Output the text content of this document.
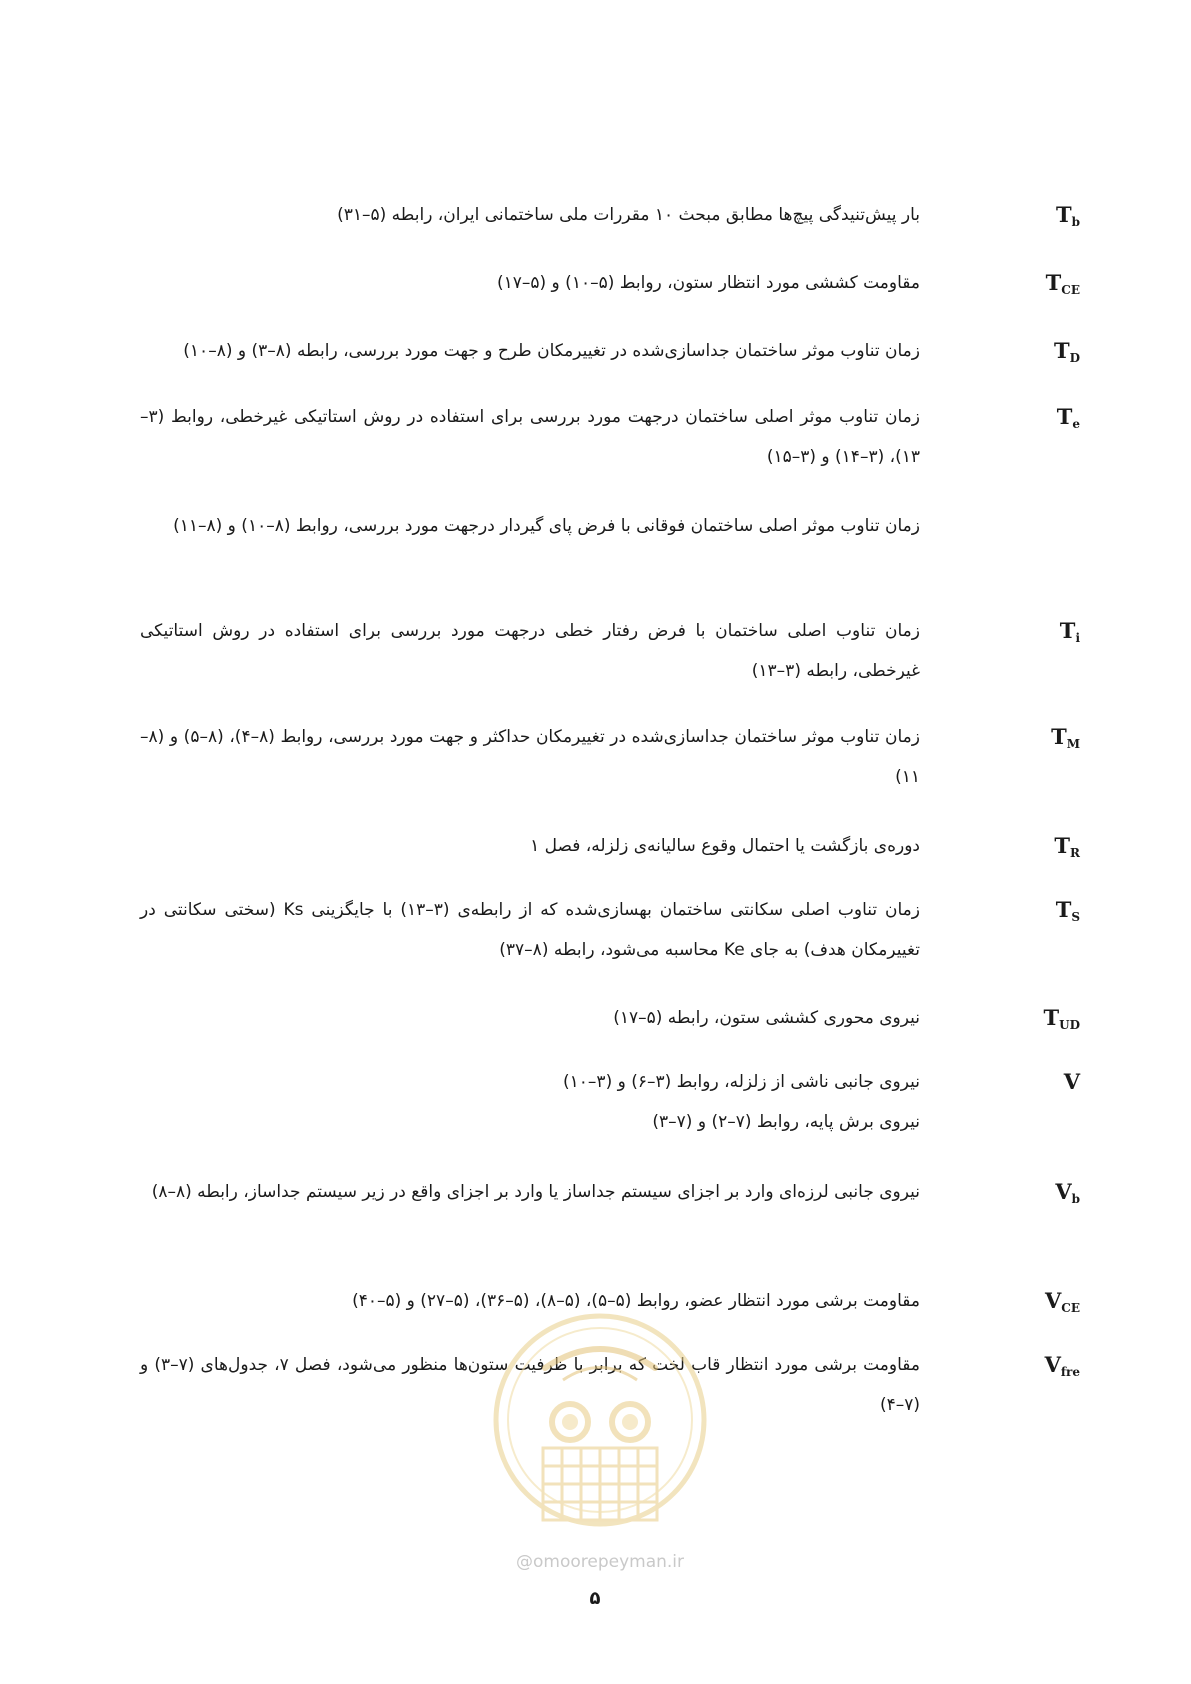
$T_b$

بار پیش‌تنیدگی پیچ‌ها مطابق مبحث ۱۰ مقررات ملی ساختمانی ایران، رابطه (۵–۳۱)

$T_{CE}$

مقاومت کششی مورد انتظار ستون، روابط (۵–۱۰) و (۵–۱۷)

$T_D$

زمان تناوب موثر ساختمان جداسازی‌شده در تغییرمکان طرح و جهت مورد بررسی، رابطه (۸–۳) و (۸–۱۰)

$T_e$

زمان تناوب موثر اصلی ساختمان درجهت مورد بررسی برای استفاده در روش استاتیکی غیرخطی، روابط (۳–۱۳)، (۳–۱۴) و (۳–۱۵)

زمان تناوب موثر اصلی ساختمان فوقانی با فرض پای گیردار درجهت مورد بررسی، روابط (۸–۱۰) و (۸–۱۱)

$T_i$

زمان تناوب اصلی ساختمان با فرض رفتار خطی درجهت مورد بررسی برای استفاده در روش استاتیکی غیرخطی، رابطه (۳–۱۳)

$T_M$

زمان تناوب موثر ساختمان جداسازی‌شده در تغییرمکان حداکثر و جهت مورد بررسی، روابط (۸–۴)، (۸–۵) و (۸–۱۱)

$T_R$

دوره‌ی بازگشت یا احتمال وقوع سالیانه‌ی زلزله، فصل ۱

$T_S$

زمان تناوب اصلی سکانتی ساختمان بهسازی‌شده که از رابطه‌ی (۳–۱۳) با جایگزینی Ks (سختی سکانتی در تغییرمکان هدف) به جای Ke محاسبه می‌شود، رابطه (۸–۳۷)

$T_{UD}$

نیروی محوری کششی ستون، رابطه (۵–۱۷)

V

نیروی جانبی ناشی از زلزله، روابط (۳–۶) و (۳–۱۰)

نیروی برش پایه، روابط (۷–۲) و (۷–۳)

$V_b$

نیروی جانبی لرزه‌ای وارد بر اجزای سیستم جداساز یا وارد بر اجزای واقع در زیر سیستم جداساز، رابطه (۸–۸)

$V_{CE}$

مقاومت برشی مورد انتظار عضو، روابط (۵–۵)، (۵–۸)، (۵–۳۶)، (۵–۲۷) و (۵–۴۰)

$V_{fre}$

مقاومت برشی مورد انتظار قاب لخت که برابر با ظرفیت ستون‌ها منظور می‌شود، فصل ۷، جدول‌های (۷–۳) و (۷–۴)

@omoorepeyman.ir
۵
